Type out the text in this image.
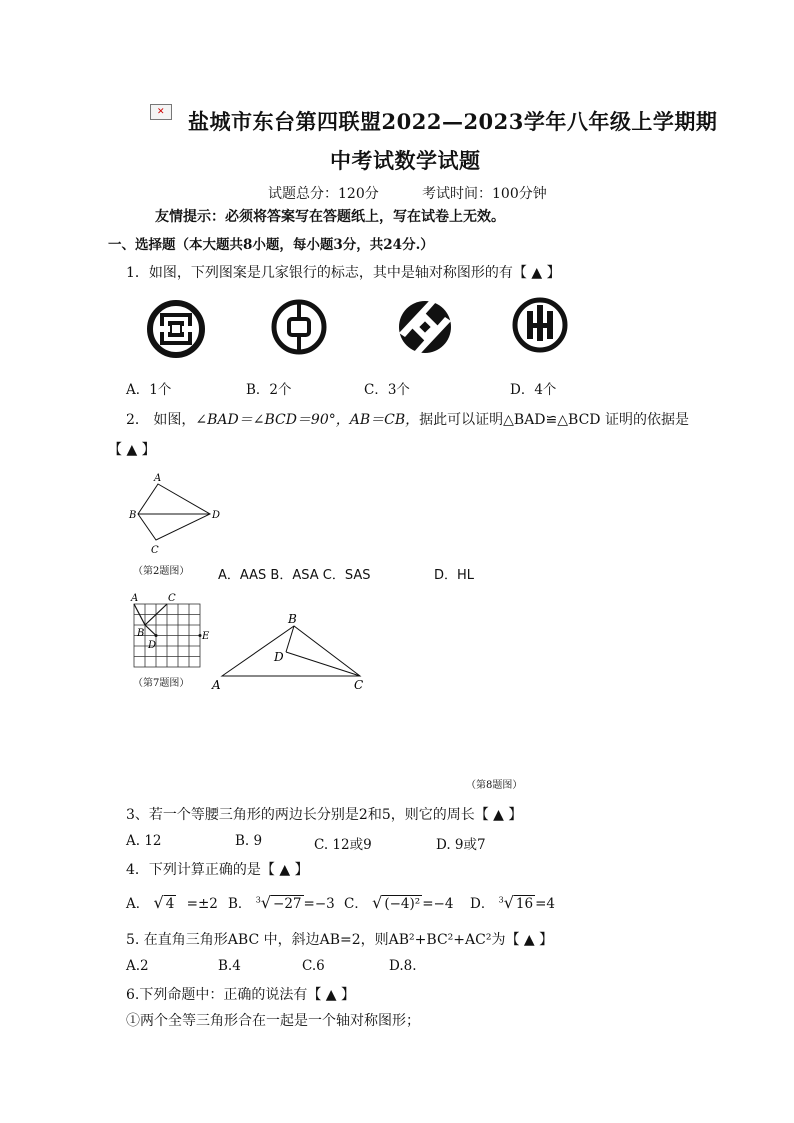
✕ 盐城市东台第四联盟2022—2023学年八年级上学期期
中考试数学试题
试题总分：120分	考试时间：100分钟
友情提示：必须将答案写在答题纸上，写在试卷上无效。
一、选择题（本大题共8小题，每小题3分，共24分.）
1．如图，下列图案是几家银行的标志，其中是轴对称图形的有【 ▲ 】
A．1个	B．2个	C．3个	D．4个
2． 如图，∠BAD＝∠BCD＝90°，AB＝CB，据此可以证明△BAD≌△BCD 证明的依据是
【 ▲ 】
A
B
C
D
（第2题图） A．AAS B．ASA C．SAS	D．HL
A	C
B
D
E
（第7题图）
B
D
A	C
（第8题图）
3、若一个等腰三角形的两边长分别是2和5，则它的周长【 ▲ 】
A. 12	B. 9	C. 12或9	D. 9或7
4．下列计算正确的是【 ▲ 】
A． √ 4 =±2 B． $^3$√ −27 =−3 C． √ (−4)² =−4 D． $^3$√ 16 =4
5. 在直角三角形ABC 中，斜边AB=2，则AB²+BC²+AC²为【 ▲ 】
A.2	B.4	C.6	D.8.
6.下列命题中：正确的说法有【 ▲ 】
①两个全等三角形合在一起是一个轴对称图形；
